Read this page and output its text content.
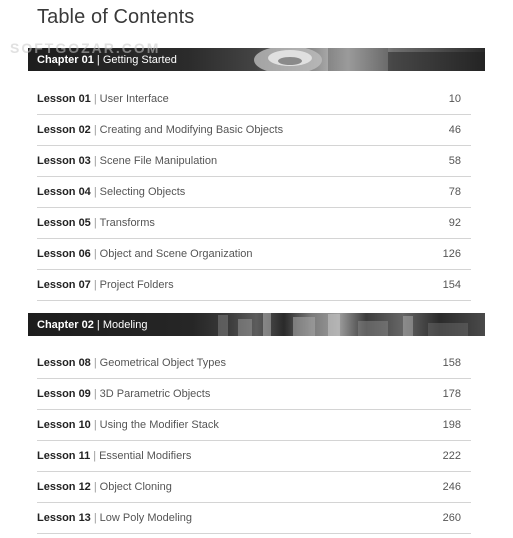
Table of Contents
SOFTGOZAR.COM
Chapter 01 | Getting Started
Lesson 01 | User Interface	10
Lesson 02 | Creating and Modifying Basic Objects	46
Lesson 03 | Scene File Manipulation	58
Lesson 04 | Selecting Objects	78
Lesson 05 | Transforms	92
Lesson 06 | Object and Scene Organization	126
Lesson 07 | Project Folders	154
Chapter 02 | Modeling
Lesson 08 | Geometrical Object Types	158
Lesson 09 | 3D Parametric Objects	178
Lesson 10 | Using the Modifier Stack	198
Lesson 11 | Essential Modifiers	222
Lesson 12 | Object Cloning	246
Lesson 13 | Low Poly Modeling	260
